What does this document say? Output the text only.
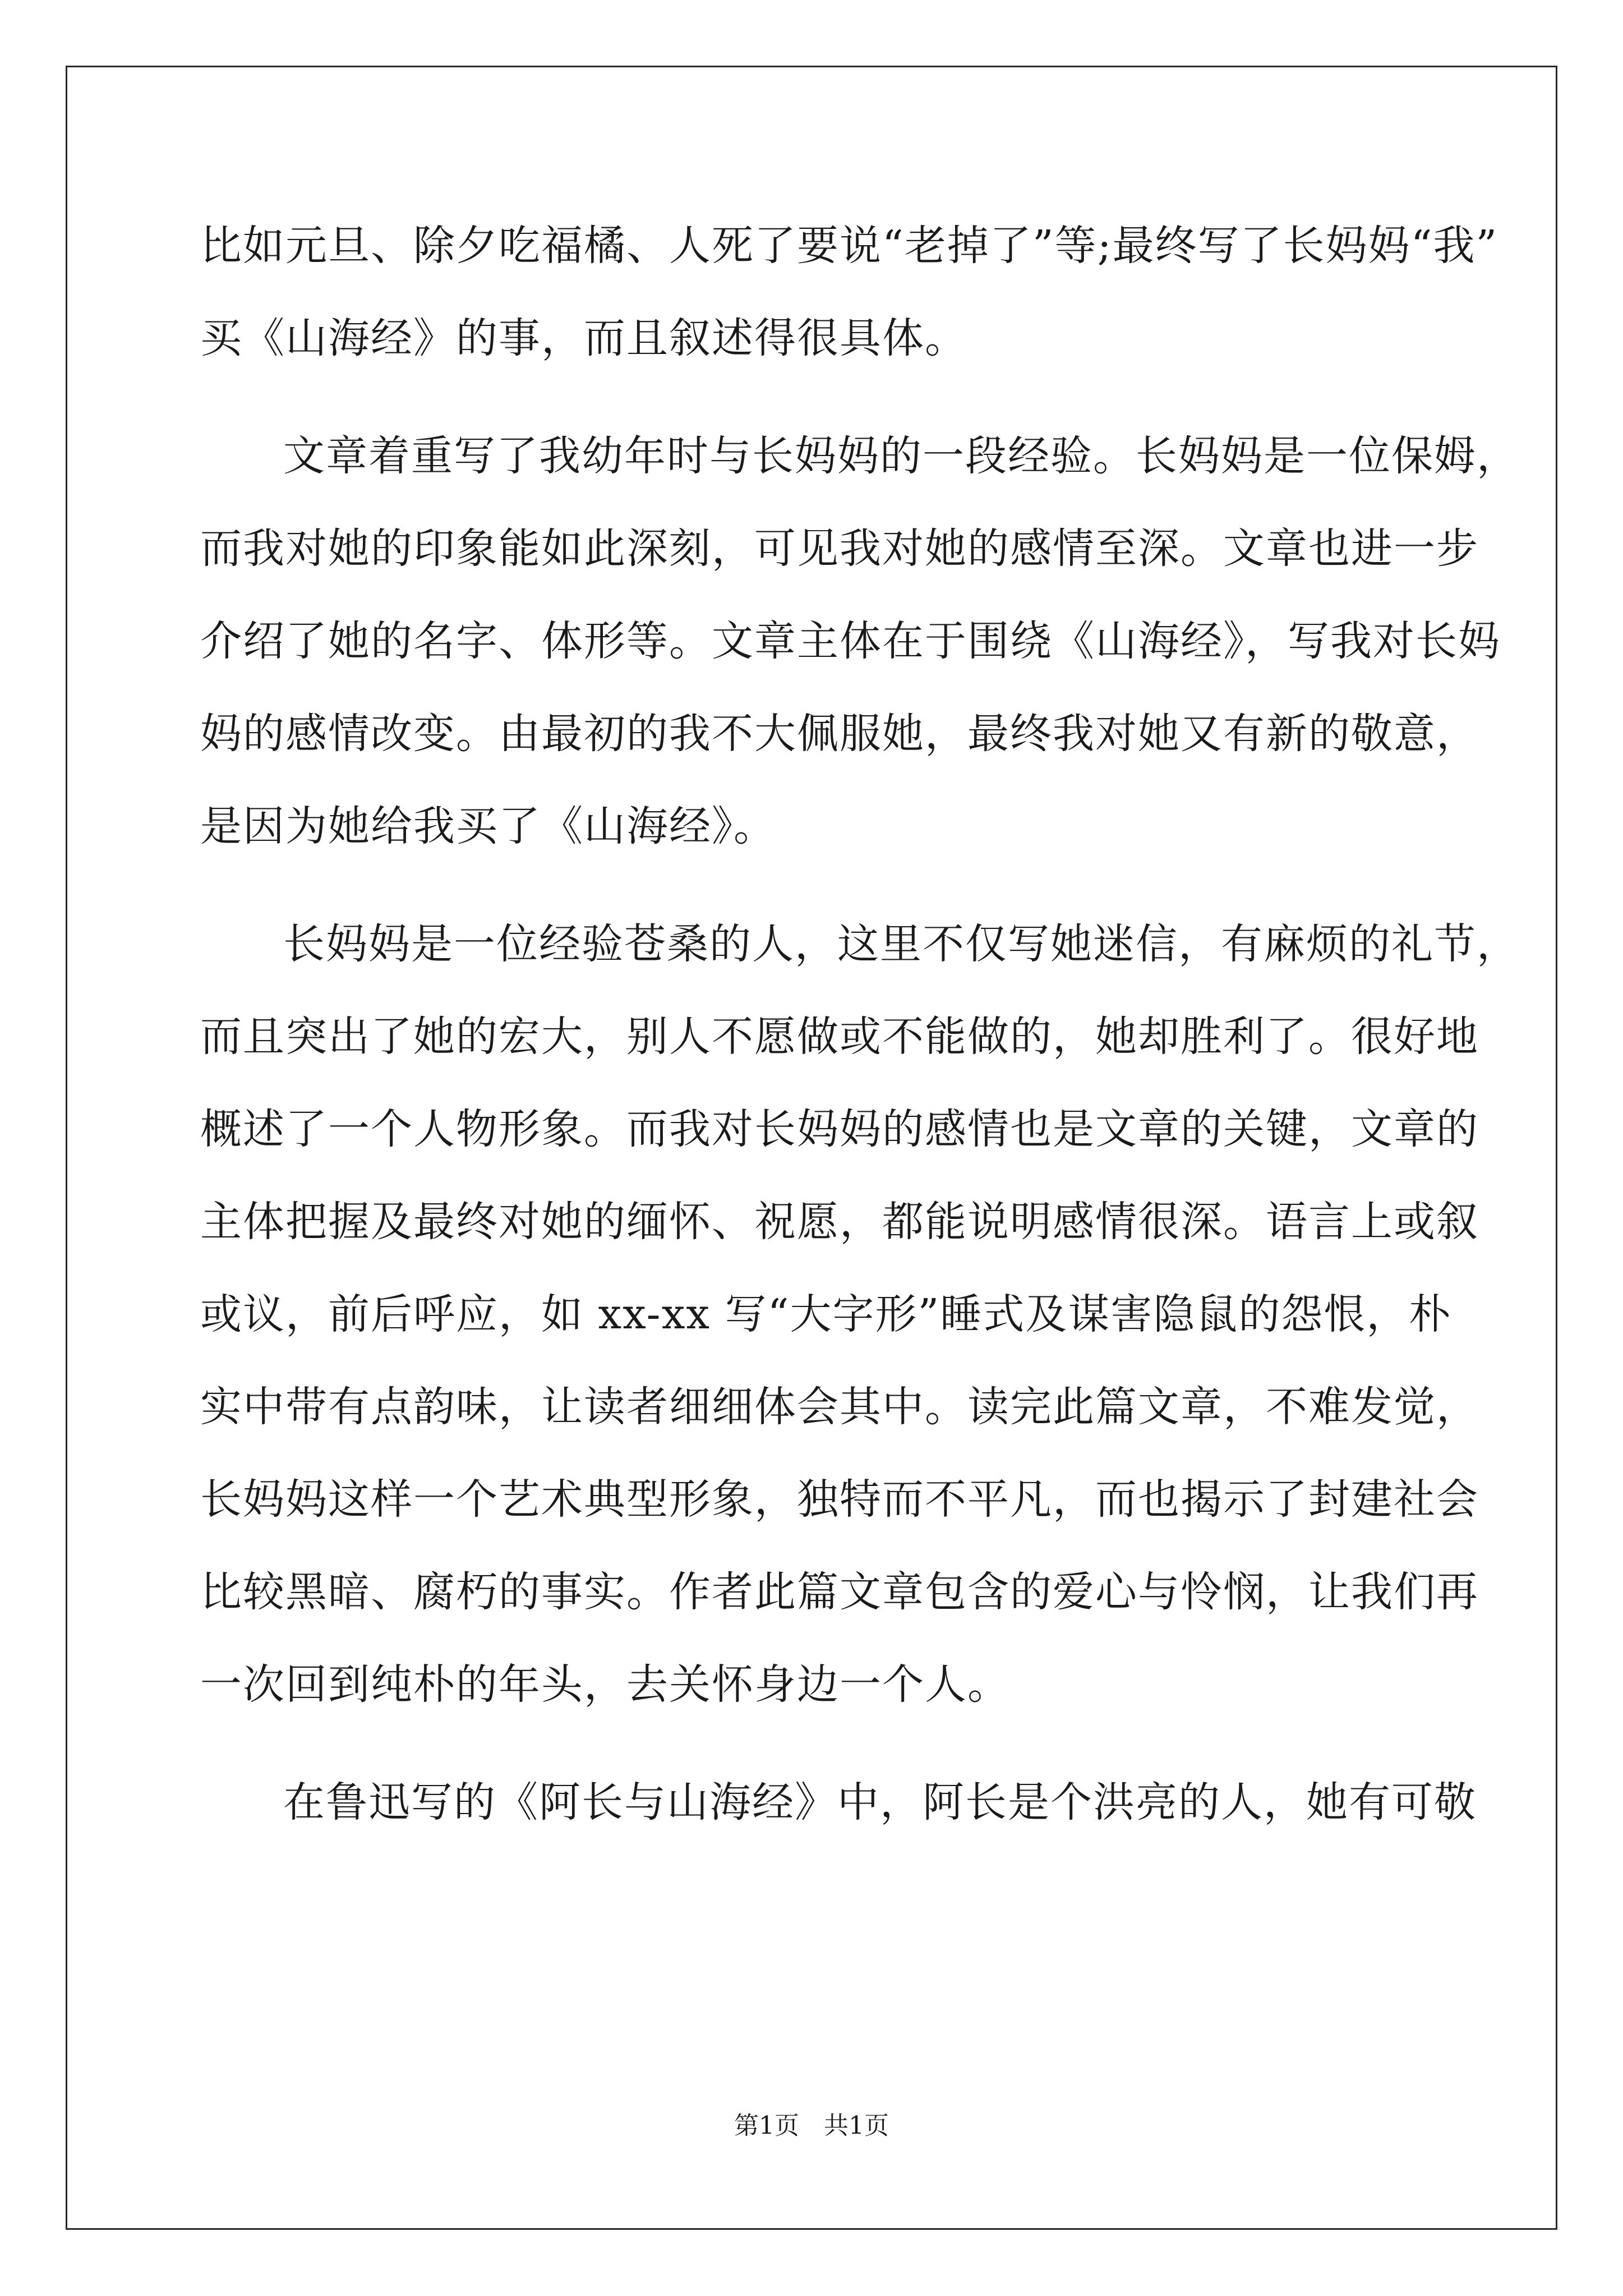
比如元旦、除夕吃福橘、人死了要说“老掉了”等;最终写了长妈妈“我”
买《山海经》的事，而且叙述得很具体。
文章着重写了我幼年时与长妈妈的一段经验。长妈妈是一位保姆，
而我对她的印象能如此深刻，可见我对她的感情至深。文章也进一步
介绍了她的名字、体形等。文章主体在于围绕《山海经》，写我对长妈
妈的感情改变。由最初的我不大佩服她，最终我对她又有新的敬意，
是因为她给我买了《山海经》。
长妈妈是一位经验苍桑的人，这里不仅写她迷信，有麻烦的礼节，
而且突出了她的宏大，别人不愿做或不能做的，她却胜利了。很好地
概述了一个人物形象。而我对长妈妈的感情也是文章的关键，文章的
主体把握及最终对她的缅怀、祝愿，都能说明感情很深。语言上或叙
或议，前后呼应，如 xx-xx 写“大字形”睡式及谋害隐鼠的怨恨，朴
实中带有点韵味，让读者细细体会其中。读完此篇文章，不难发觉，
长妈妈这样一个艺术典型形象，独特而不平凡，而也揭示了封建社会
比较黑暗、腐朽的事实。作者此篇文章包含的爱心与怜悯，让我们再
一次回到纯朴的年头，去关怀身边一个人。
在鲁迅写的《阿长与山海经》中，阿长是个洪亮的人，她有可敬
第1页　共1页
